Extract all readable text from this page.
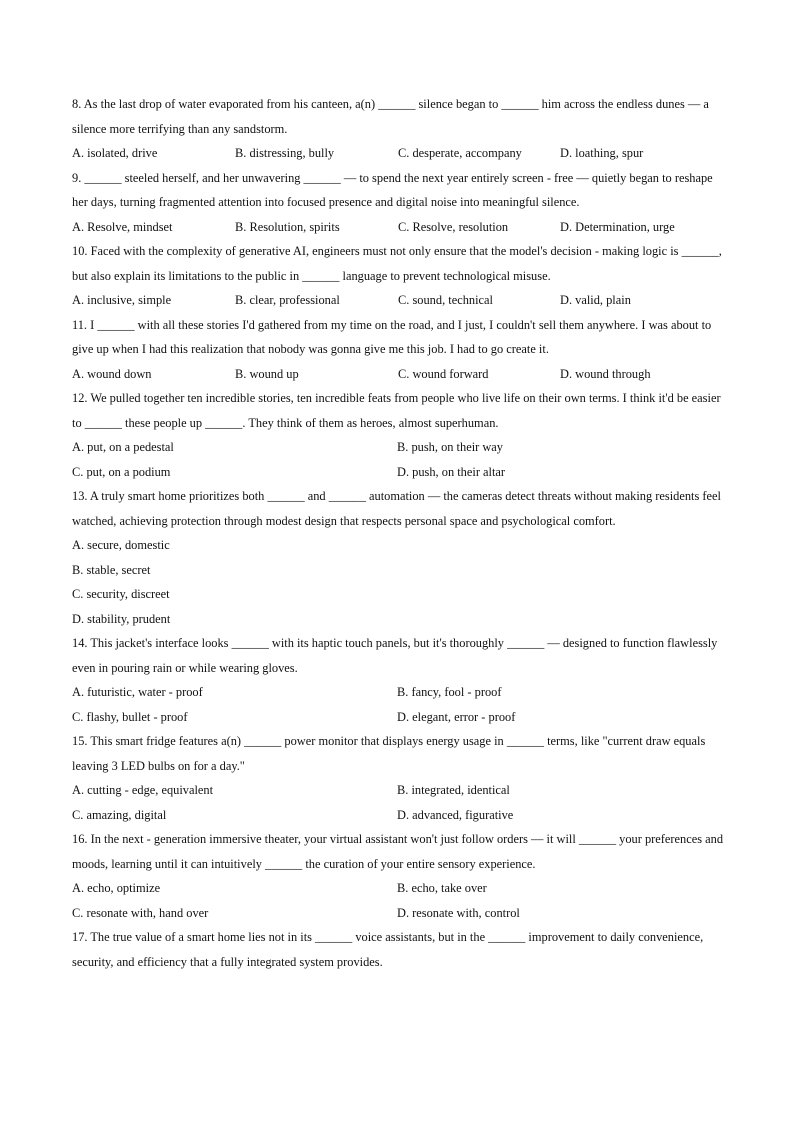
8. As the last drop of water evaporated from his canteen, a(n) ______ silence began to ______ him across the endless dunes — a silence more terrifying than any sandstorm.

A. isolated, drive	B. distressing, bully	C. desperate, accompany	D. loathing, spur

9. ______ steeled herself, and her unwavering ______ — to spend the next year entirely screen - free — quietly began to reshape her days, turning fragmented attention into focused presence and digital noise into meaningful silence.

A. Resolve, mindset	B. Resolution, spirits	C. Resolve, resolution	D. Determination, urge

10. Faced with the complexity of generative AI, engineers must not only ensure that the model's decision - making logic is ______, but also explain its limitations to the public in ______ language to prevent technological misuse.

A. inclusive, simple	B. clear, professional	C. sound, technical	D. valid, plain

11. I ______ with all these stories I'd gathered from my time on the road, and I just, I couldn't sell them anywhere. I was about to give up when I had this realization that nobody was gonna give me this job. I had to go create it.

A. wound down	B. wound up	C. wound forward	D. wound through

12. We pulled together ten incredible stories, ten incredible feats from people who live life on their own terms. I think it'd be easier to ______ these people up ______. They think of them as heroes, almost superhuman.

A. put, on a pedestal	B. push, on their way
C. put, on a podium	D. push, on their altar

13. A truly smart home prioritizes both ______ and ______ automation — the cameras detect threats without making residents feel watched, achieving protection through modest design that respects personal space and psychological comfort.

A. secure, domestic
B. stable, secret
C. security, discreet
D. stability, prudent

14. This jacket's interface looks ______ with its haptic touch panels, but it's thoroughly ______ — designed to function flawlessly even in pouring rain or while wearing gloves.

A. futuristic, water - proof	B. fancy, fool - proof
C. flashy, bullet - proof	D. elegant, error - proof

15. This smart fridge features a(n) ______ power monitor that displays energy usage in ______ terms, like "current draw equals leaving 3 LED bulbs on for a day."

A. cutting - edge, equivalent	B. integrated, identical
C. amazing, digital	D. advanced, figurative

16. In the next - generation immersive theater, your virtual assistant won't just follow orders — it will ______ your preferences and moods, learning until it can intuitively ______ the curation of your entire sensory experience.

A. echo, optimize	B. echo, take over
C. resonate with, hand over	D. resonate with, control

17. The true value of a smart home lies not in its ______ voice assistants, but in the ______ improvement to daily convenience, security, and efficiency that a fully integrated system provides.
